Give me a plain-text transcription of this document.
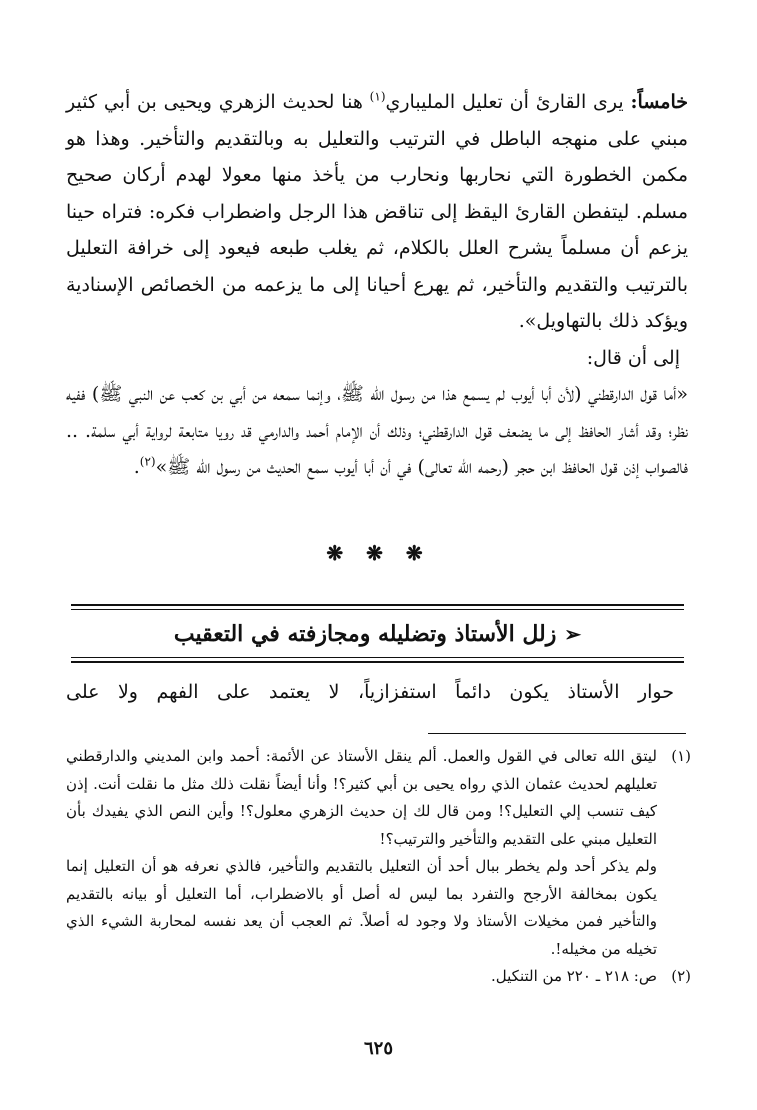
خامساً: يرى القارئ أن تعليل المليباري$^{(١)}$ هنا لحديث الزهري ويحيى بن أبي كثير مبني على منهجه الباطل في الترتيب والتعليل به وبالتقديم والتأخير. وهذا هو مكمن الخطورة التي نحاربها ونحارب من يأخذ منها معولا لهدم أركان صحيح مسلم. ليتفطن القارئ اليقظ إلى تناقض هذا الرجل واضطراب فكره: فتراه حينا يزعم أن مسلماً يشرح العلل بالكلام، ثم يغلب طبعه فيعود إلى خرافة التعليل بالترتيب والتقديم والتأخير، ثم يهرع أحيانا إلى ما يزعمه من الخصائص الإسنادية ويؤكد ذلك بالتهاويل».

إلى أن قال:

«أما قول الدارقطني (لأن أبا أيوب لم يسمع هذا من رسول الله ﷺ، وإنما سمعه من أبي بن كعب عن النبي ﷺ) ففيه نظر؛ وقد أشار الحافظ إلى ما يضعف قول الدارقطني؛ وذلك أن الإمام أحمد والدارمي قد رويا متابعة لرواية أبي سلمة. .. فالصواب إذن قول الحافظ ابن حجر (رحمه الله تعالى) في أن أبا أيوب سمع الحديث من رسول الله ﷺ»$^{(٢)}$.

❋ ❋ ❋
➢زلل الأستاذ وتضليله ومجازفته في التعقيب
حوار الأستاذ يكون دائماً استفزازياً، لا يعتمد على الفهم ولا على
(١)

ليتق الله تعالى في القول والعمل. ألم ينقل الأستاذ عن الأئمة: أحمد وابن المديني والدارقطني تعليلهم لحديث عثمان الذي رواه يحيى بن أبي كثير؟! وأنا أيضاً نقلت ذلك مثل ما نقلت أنت. إذن كيف تنسب إلي التعليل؟! ومن قال لك إن حديث الزهري معلول؟! وأين النص الذي يفيدك بأن التعليل مبني على التقديم والتأخير والترتيب؟!

ولم يذكر أحد ولم يخطر ببال أحد أن التعليل بالتقديم والتأخير، فالذي نعرفه هو أن التعليل إنما يكون بمخالفة الأرجح والتفرد بما ليس له أصل أو بالاضطراب، أما التعليل أو بيانه بالتقديم والتأخير فمن مخيلات الأستاذ ولا وجود له أصلاً. ثم العجب أن يعد نفسه لمحاربة الشيء الذي تخيله من مخيله!.

(٢)

ص: ٢١٨ ـ ٢٢٠ من التنكيل.

٦٢٥
